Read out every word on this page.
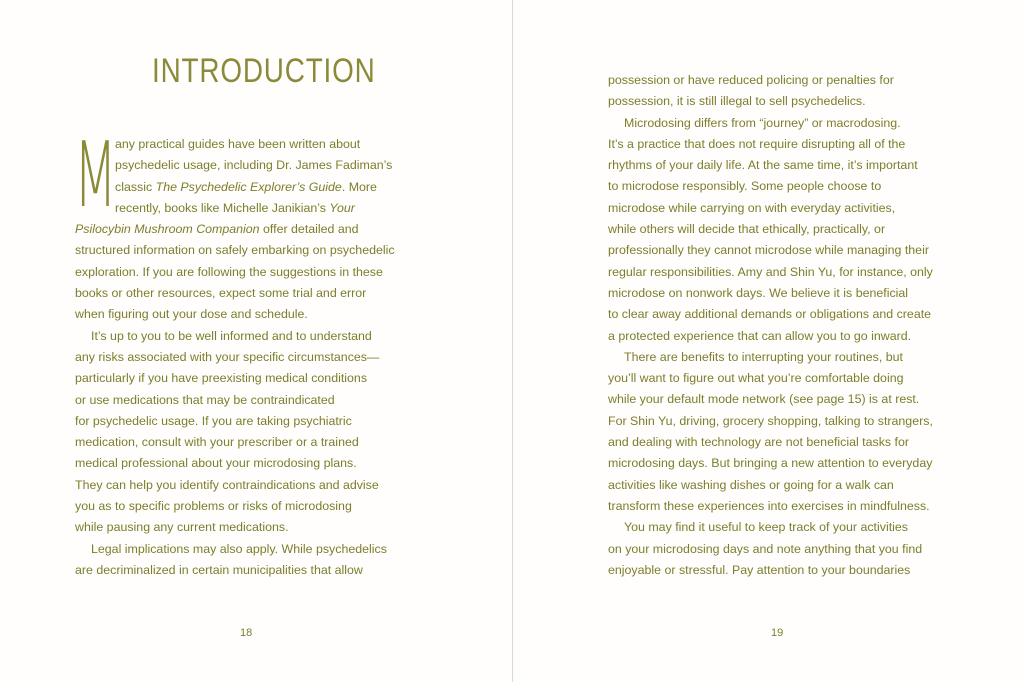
INTRODUCTION
M
any practical guides have been written about
psychedelic usage, including Dr. James Fadiman’s
classic The Psychedelic Explorer’s Guide. More
recently, books like Michelle Janikian’s Your
Psilocybin Mushroom Companion offer detailed and
structured information on safely embarking on psychedelic
exploration. If you are following the suggestions in these
books or other resources, expect some trial and error
when figuring out your dose and schedule.
It’s up to you to be well informed and to understand
any risks associated with your specific circumstances—
particularly if you have preexisting medical conditions
or use medications that may be contraindicated
for psychedelic usage. If you are taking psychiatric
medication, consult with your prescriber or a trained
medical professional about your microdosing plans.
They can help you identify contraindications and advise
you as to specific problems or risks of microdosing
while pausing any current medications.
Legal implications may also apply. While psychedelics
are decriminalized in certain municipalities that allow
possession or have reduced policing or penalties for
possession, it is still illegal to sell psychedelics.
Microdosing differs from “journey” or macrodosing.
It’s a practice that does not require disrupting all of the
rhythms of your daily life. At the same time, it’s important
to microdose responsibly. Some people choose to
microdose while carrying on with everyday activities,
while others will decide that ethically, practically, or
professionally they cannot microdose while managing their
regular responsibilities. Amy and Shin Yu, for instance, only
microdose on nonwork days. We believe it is beneficial
to clear away additional demands or obligations and create
a protected experience that can allow you to go inward.
There are benefits to interrupting your routines, but
you’ll want to figure out what you’re comfortable doing
while your default mode network (see page 15) is at rest.
For Shin Yu, driving, grocery shopping, talking to strangers,
and dealing with technology are not beneficial tasks for
microdosing days. But bringing a new attention to everyday
activities like washing dishes or going for a walk can
transform these experiences into exercises in mindfulness.
You may find it useful to keep track of your activities
on your microdosing days and note anything that you find
enjoyable or stressful. Pay attention to your boundaries
18	19
